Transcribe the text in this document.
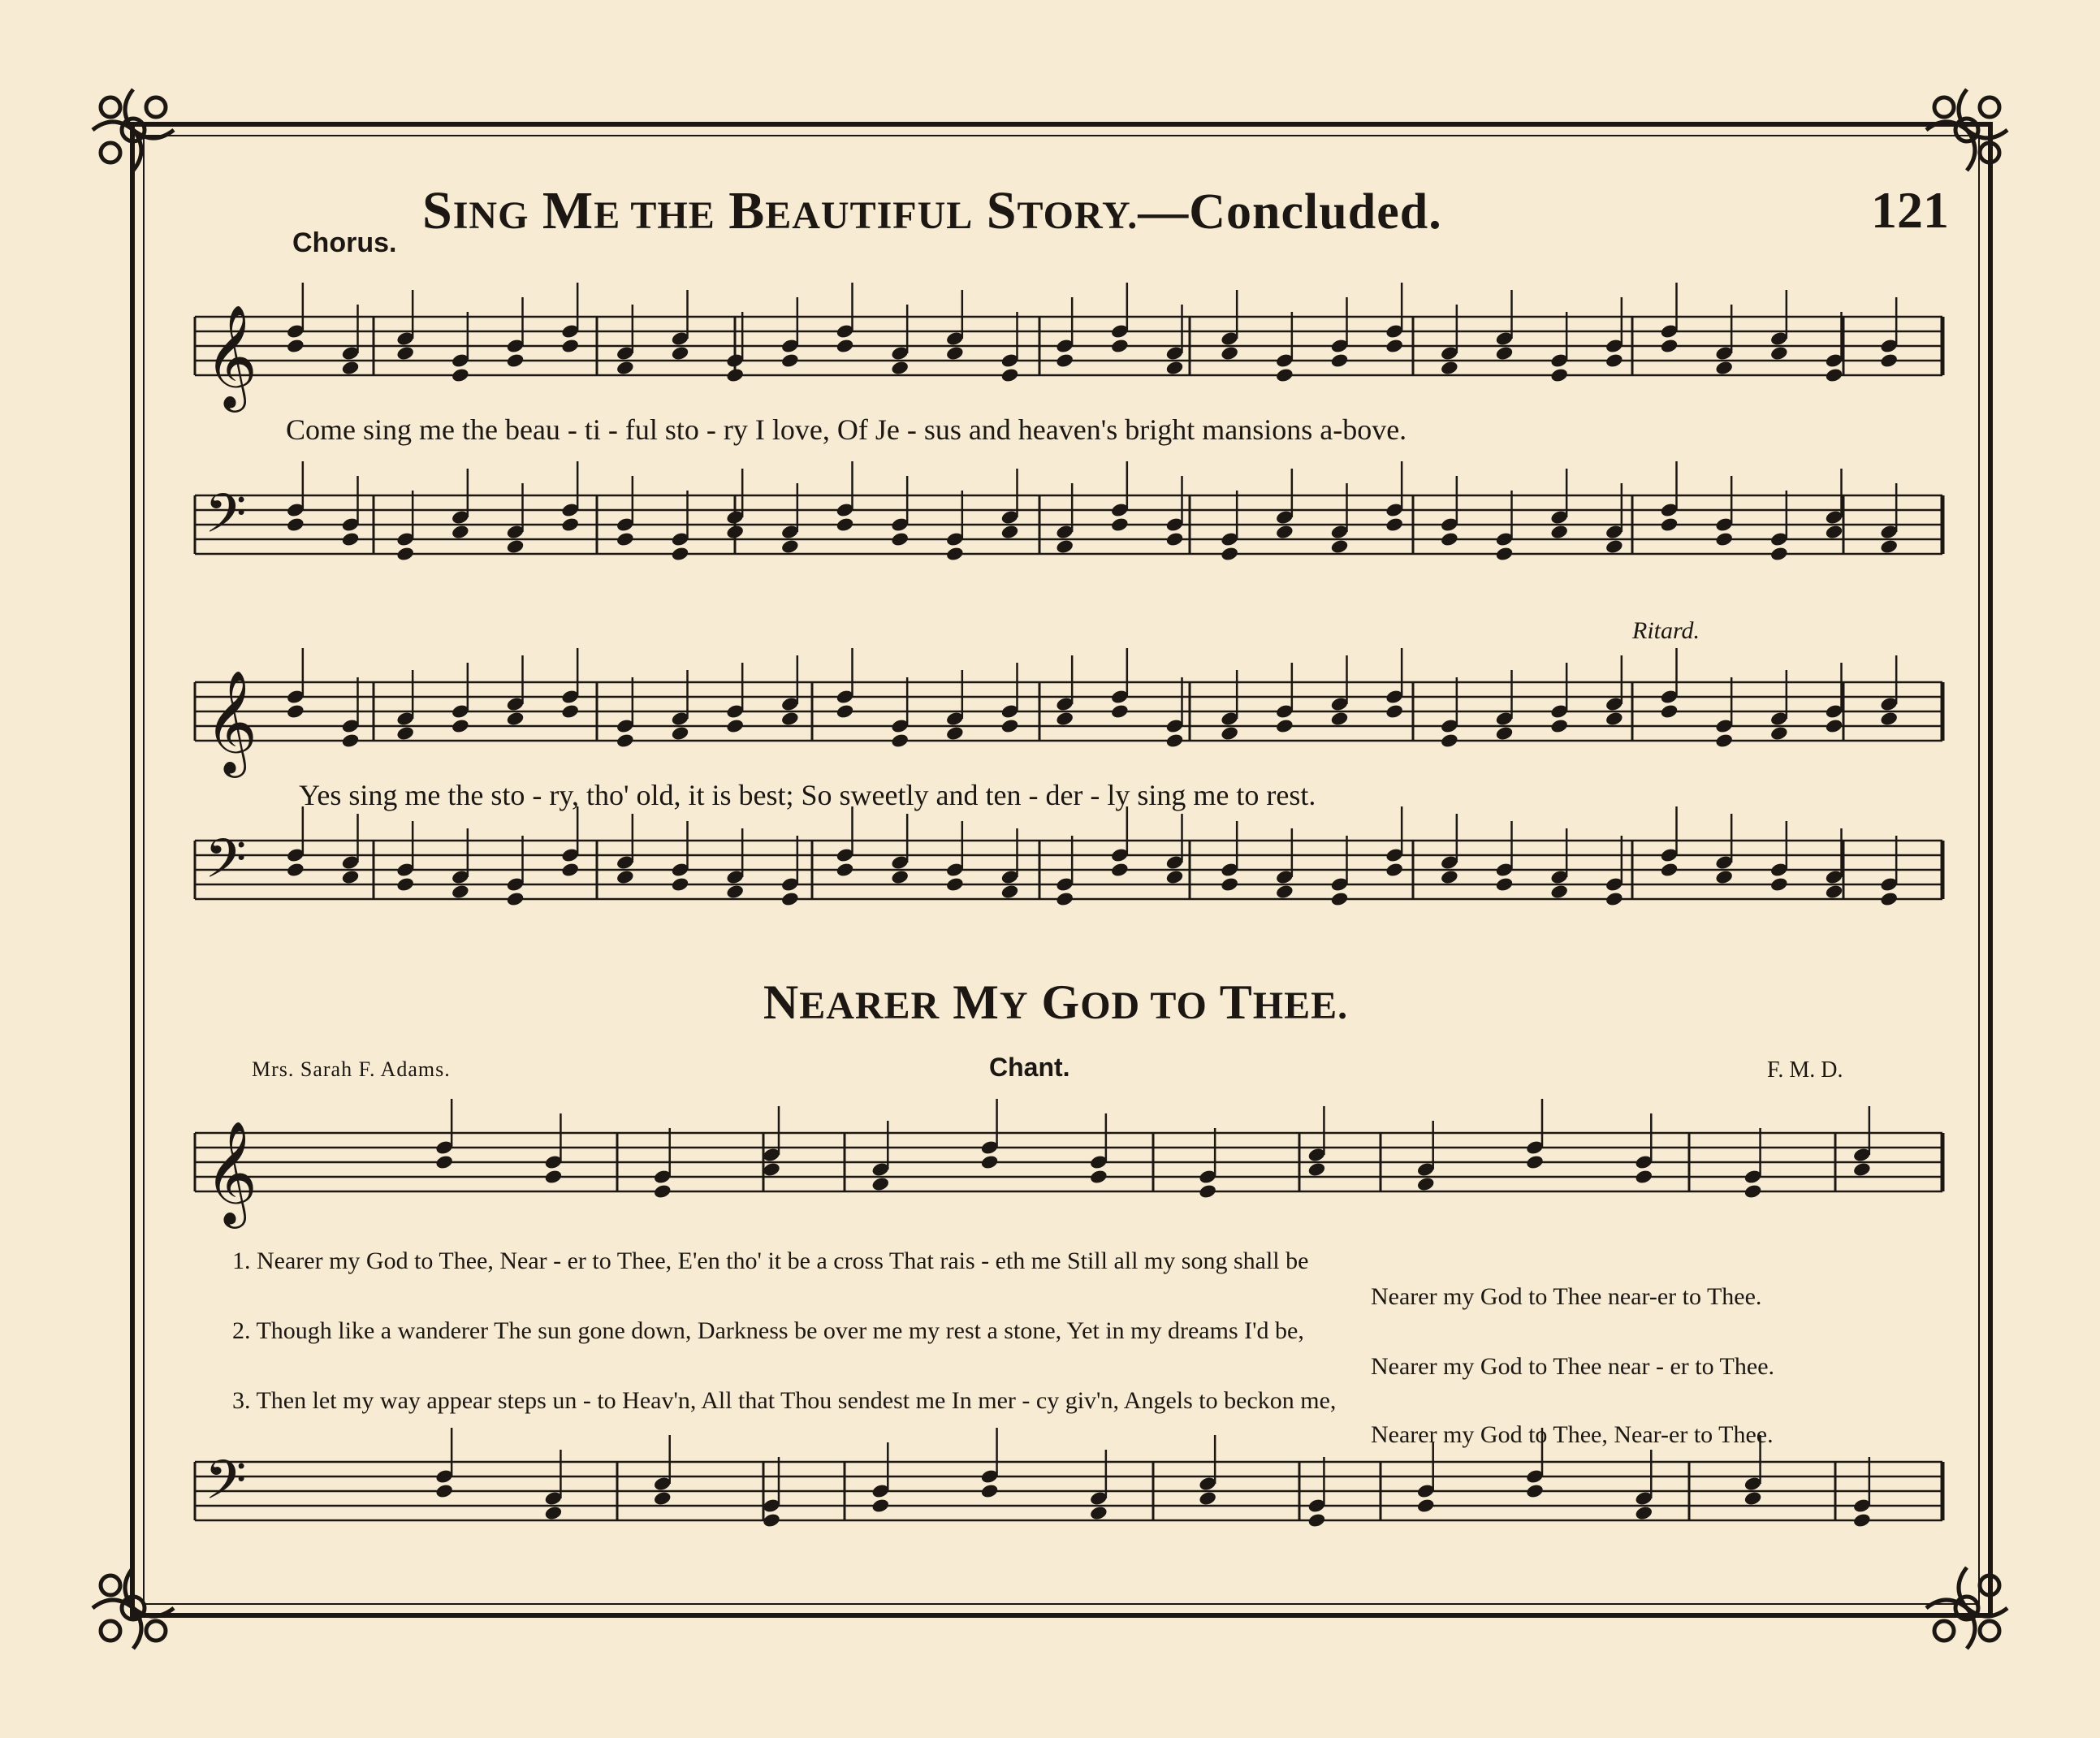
SING ME THE BEAUTIFUL STORY.—Concluded.	121
Chorus.
Ritard.
𝄞
𝄢
𝄞
𝄢
𝄞
𝄢
Come sing me the beau - ti - ful sto - ry I love, Of Je - sus and heaven's bright mansions a-bove.
Yes sing me the sto - ry, tho' old, it is best; So sweetly and ten - der - ly sing me to rest.
NEARER MY GOD TO THEE.
Mrs. Sarah F. Adams.	Chant.	F. M. D.
1. Nearer my God to Thee, Near - er to Thee, E'en tho' it be a cross That rais - eth me Still all my song shall be
Nearer my God to Thee near-er to Thee.
2. Though like a wanderer The sun gone down, Darkness be over me my rest a stone, Yet in my dreams I'd be,
Nearer my God to Thee near - er to Thee.
3. Then let my way appear steps un - to Heav'n, All that Thou sendest me In mer - cy giv'n, Angels to beckon me,
Nearer my God to Thee, Near-er to Thee.
